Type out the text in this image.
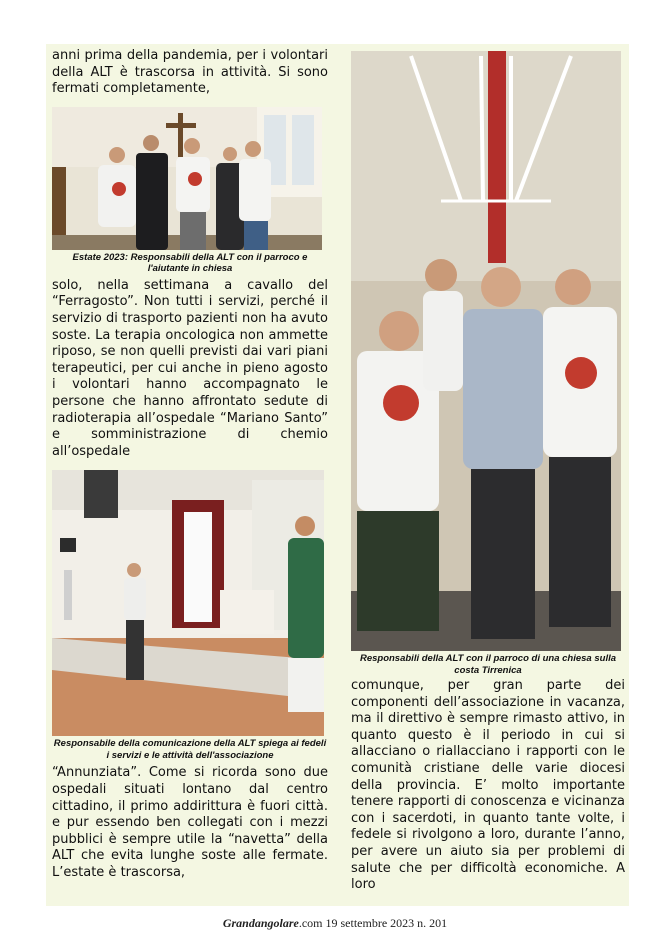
anni prima della pandemia, per i volontari della ALT è trascorsa in attività. Si sono fermati completamente,

Estate 2023: Responsabili della ALT con il parroco e l'aiutante in chiesa

solo, nella settimana a cavallo del “Ferragosto”. Non tutti i servizi, perché il servizio di trasporto pazienti non ha avuto soste. La terapia oncologica non ammette riposo, se non quelli previsti dai vari piani terapeutici, per cui anche in pieno agosto i volontari hanno accompagnato le persone che hanno affrontato sedute di radioterapia all’ospedale “Mariano Santo” e somministrazione di chemio all’ospedale

Responsabile della comunicazione della ALT spiega ai fedeli i servizi e le attività dell'associazione

“Annunziata”. Come si ricorda sono due ospedali situati lontano dal centro cittadino, il primo addirittura è fuori città. e pur essendo ben collegati con i mezzi pubblici è sempre utile la “navetta” della ALT che evita lunghe soste alle fermate. L’estate è trascorsa,

Responsabili della ALT con il parroco di una chiesa sulla costa Tirrenica

comunque, per gran parte dei componenti dell’associazione in vacanza, ma il direttivo è sempre rimasto attivo, in quanto questo è il periodo in cui si allacciano o riallacciano i rapporti con le comunità cristiane delle varie diocesi della provincia. E’ molto importante tenere rapporti di conoscenza e vicinanza con i sacerdoti, in quanto tante volte, i fedele si rivolgono a loro, durante l’anno, per avere un aiuto sia per problemi di salute che per difficoltà economiche. A loro

Grandangolare.com 19 settembre 2023 n. 201
